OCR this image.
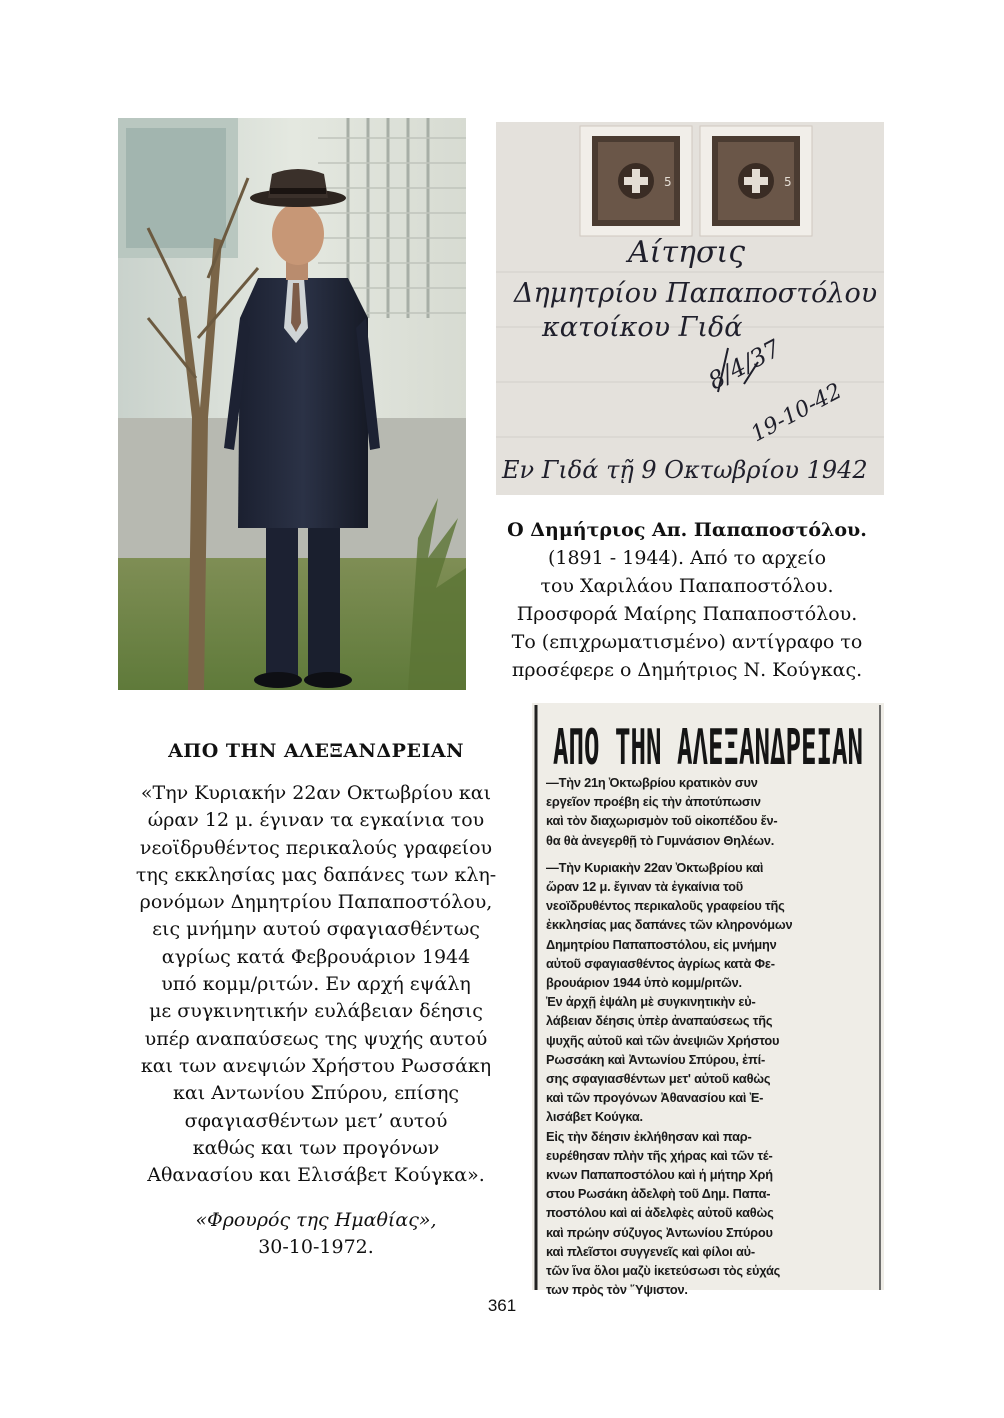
5	5
Αίτησις
Δημητρίου Παπαποστόλου
κατοίκου Γιδά
8/4/37
19-10-42
Εν Γιδά τῇ 9 Οκτωβρίου 1942
Ο Δημήτριος Απ. Παπαποστόλου.
(1891 - 1944). Από το αρχείο
του Χαριλάου Παπαποστόλου.
Προσφορά Μαίρης Παπαποστόλου.
Το (επιχρωματισμένο) αντίγραφο το
προσέφερε ο Δημήτριος Ν. Κούγκας.
ΑΠΟ ΤΗΝ ΑΛΕΞΑΝΔΡΕΙΑΝ
«Την Κυριακήν 22αν Οκτωβρίου και
ώραν 12 μ. έγιναν τα εγκαίνια του
νεοϊδρυθέντος περικαλούς γραφείου
της εκκλησίας μας δαπάνες των κλη-
ρονόμων Δημητρίου Παπαποστόλου,
εις μνήμην αυτού σφαγιασθέντως
αγρίως κατά Φεβρουάριον 1944
υπό κομμ/ριτών. Εν αρχή εψάλη
με συγκινητικήν ευλάβειαν δέησις
υπέρ αναπαύσεως της ψυχής αυτού
και των ανεψιών Χρήστου Ρωσσάκη
και Αντωνίου Σπύρου, επίσης
σφαγιασθέντων μετ’ αυτού
καθώς και των προγόνων
Αθανασίου και Ελισάβετ Κούγκα».
«Φρουρός της Ημαθίας»,
30-10-1972.
ΑΠΟ ΤΗΝ ΑΛΕΞΑΝΔΡΕΙΑΝ
—Τὴν 21η Ὀκτωβρίου κρατικὸν συν
εργεῖον προέβη εἰς τὴν ἀποτύπωσιν
καὶ τὸν διαχωρισμὸν τοῦ οἰκοπέδου ἔν-
θα θὰ ἀνεγερθῇ τὸ Γυμνάσιον Θηλέων.
—Τὴν Κυριακὴν 22αν Ὀκτωβρίου καὶ
ὥραν 12 μ. ἔγιναν τὰ ἐγκαίνια τοῦ
νεοϊδρυθέντος περικαλοῦς γραφείου τῆς
ἐκκλησίας μας δαπάνες τῶν κληρονόμων
Δημητρίου Παπαποστόλου, εἰς μνήμην
αὐτοῦ σφαγιασθέντος ἀγρίως κατὰ Φε-
βρουάριον 1944 ὑπὸ κομμ/ριτῶν.
Ἐν ἀρχῇ ἐψάλη μὲ συγκινητικὴν εὐ-
λάβειαν δέησις ὑπὲρ ἀναπαύσεως τῆς
ψυχῆς αὐτοῦ καὶ τῶν ἀνεψιῶν Χρήστου
Ρωσσάκη καὶ Ἀντωνίου Σπύρου, ἐπί-
σης σφαγιασθέντων μετ' αὐτοῦ καθὼς
καὶ τῶν προγόνων Ἀθανασίου καὶ Ἐ-
λισάβετ Κούγκα.
Εἰς τὴν δέησιν ἐκλήθησαν καὶ παρ-
ευρέθησαν πλὴν τῆς χήρας καὶ τῶν τέ-
κνων Παπαποστόλου καὶ ἡ μήτηρ Χρή
στου Ρωσάκη ἀδελφὴ τοῦ Δημ. Παπα-
ποστόλου καὶ αἱ ἀδελφὲς αὐτοῦ καθὼς
καὶ πρώην σύζυγος Ἀντωνίου Σπύρου
καὶ πλεῖστοι συγγενεῖς καὶ φίλοι αὐ-
τῶν ἵνα ὅλοι μαζὺ ἱκετεύσωσι τὸς εὐχάς
των πρὸς τὸν Ὕψιστον.
361
